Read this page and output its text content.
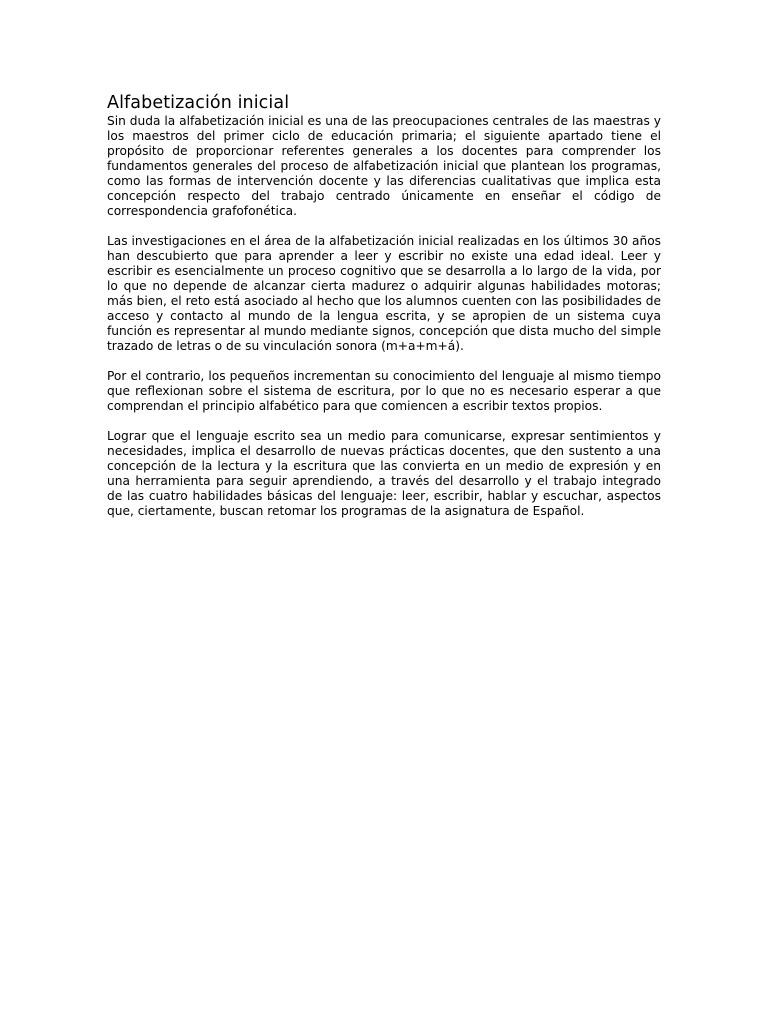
Alfabetización inicial

Sin duda la alfabetización inicial es una de las preocupaciones centrales de las maestras y los maestros del primer ciclo de educación primaria; el siguiente apartado tiene el propósito de proporcionar referentes generales a los docentes para comprender los fundamentos generales del proceso de alfabetización inicial que plantean los programas, como las formas de intervención docente y las diferencias cualitativas que implica esta concepción respecto del trabajo centrado únicamente en enseñar el código de correspondencia grafofonética.

Las investigaciones en el área de la alfabetización inicial realizadas en los últimos 30 años han descubierto que para aprender a leer y escribir no existe una edad ideal. Leer y escribir es esencialmente un proceso cognitivo que se desarrolla a lo largo de la vida, por lo que no depende de alcanzar cierta madurez o adquirir algunas habilidades motoras; más bien, el reto está asociado al hecho que los alumnos cuenten con las posibilidades de acceso y contacto al mundo de la lengua escrita, y se apropien de un sistema cuya función es representar al mundo mediante signos, concepción que dista mucho del simple trazado de letras o de su vinculación sonora (m+a+m+á).

Por el contrario, los pequeños incrementan su conocimiento del lenguaje al mismo tiempo que reflexionan sobre el sistema de escritura, por lo que no es necesario esperar a que comprendan el principio alfabético para que comiencen a escribir textos propios.

Lograr que el lenguaje escrito sea un medio para comunicarse, expresar sentimientos y necesidades, implica el desarrollo de nuevas prácticas docentes, que den sustento a una concepción de la lectura y la escritura que las convierta en un medio de expresión y en una herramienta para seguir aprendiendo, a través del desarrollo y el trabajo integrado de las cuatro habilidades básicas del lenguaje: leer, escribir, hablar y escuchar, aspectos que, ciertamente, buscan retomar los programas de la asignatura de Español.
